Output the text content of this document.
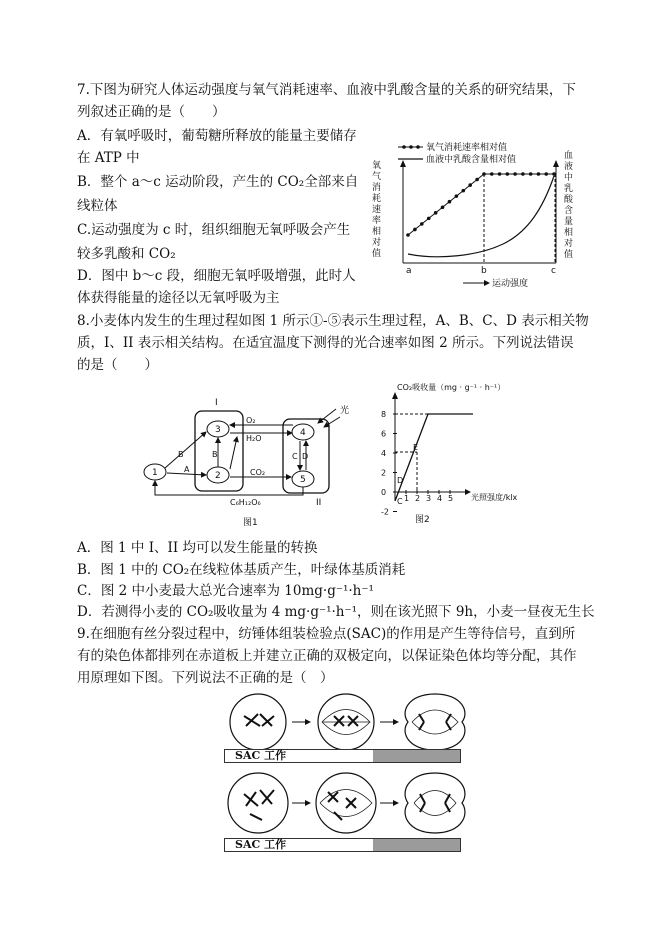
7.下图为研究人体运动强度与氧气消耗速率、血液中乳酸含量的关系的研究结果，下
列叙述正确的是（　　）
A．有氧呼吸时，葡萄糖所释放的能量主要储存
在 ATP 中
B．整个 a～c 运动阶段，产生的 CO₂全部来自
线粒体
C.运动强度为 c 时，组织细胞无氧呼吸会产生
较多乳酸和 CO₂
D．图中 b～c 段，细胞无氧呼吸增强，此时人
体获得能量的途径以无氧呼吸为主
氧气消耗速率相对值
血液中乳酸含量相对值
a	b	c
运动强度
氧
气
消
耗
速
率
相
对
值
血
液
中
乳
酸
含
量
相
对
值
8.小麦体内发生的生理过程如图 1 所示①-⑤表示生理过程，A、B、C、D 表示相关物
质，I、II 表示相关结构。在适宜温度下测得的光合速率如图 2 所示。下列说法错误
的是（　　）
I
II
光
1
3
2
4
5
B
A
B
O₂
H₂O
CO₂
C D
C₆H₁₂O₆
图1
CO₂吸收量（mg · g⁻¹ · h⁻¹）
8
6
4
2
0
-2
1 2 3 4 5
E
D
C	光照强度/klx
图2
A．图 1 中 I、II 均可以发生能量的转换
B．图 1 中的 CO₂在线粒体基质产生，叶绿体基质消耗
C．图 2 中小麦最大总光合速率为 10mg·g⁻¹·h⁻¹
D．若测得小麦的 CO₂吸收量为 4 mg·g⁻¹·h⁻¹，则在该光照下 9h，小麦一昼夜无生长
9.在细胞有丝分裂过程中，纺锤体组装检验点(SAC)的作用是产生等待信号，直到所
有的染色体都排列在赤道板上并建立正确的双极定向，以保证染色体均等分配，其作
用原理如下图。下列说法不正确的是（　）
SAC 工作
SAC 工作
